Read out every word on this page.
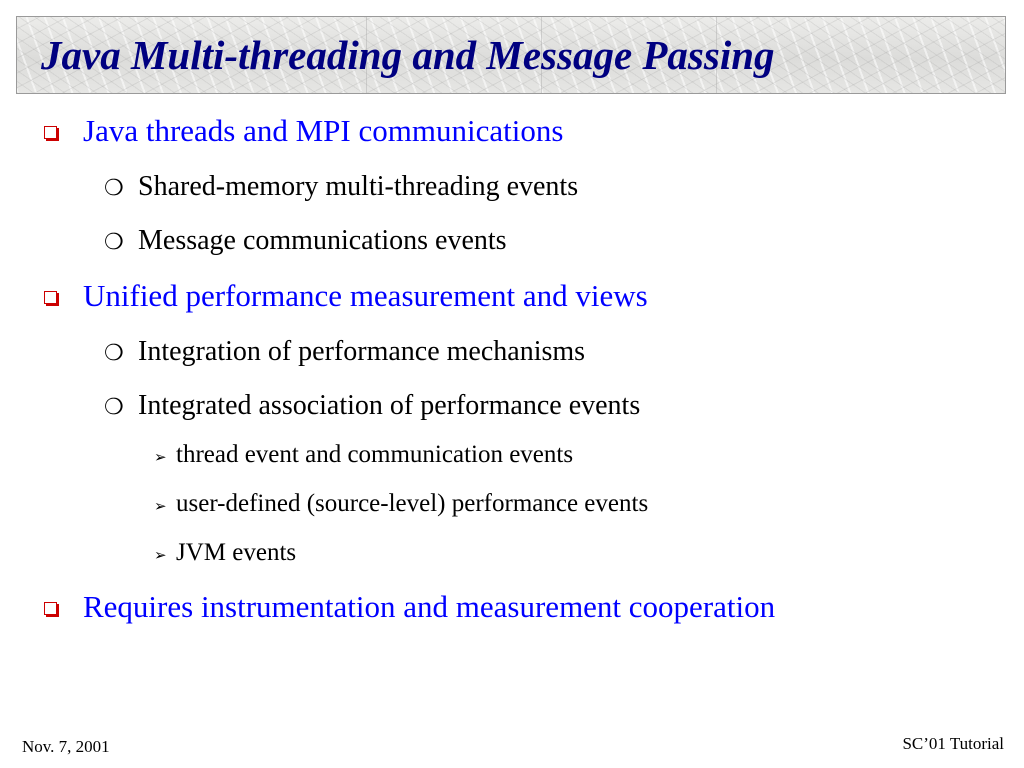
Java Multi-threading and Message Passing
Java threads and MPI communications
❍ Shared-memory multi-threading events
❍ Message communications events
Unified performance measurement and views
❍ Integration of performance mechanisms
❍ Integrated association of performance events
➢ thread event and communication events
➢ user-defined (source-level) performance events
➢ JVM events
Requires instrumentation and measurement cooperation
Nov. 7, 2001	SC’01 Tutorial
